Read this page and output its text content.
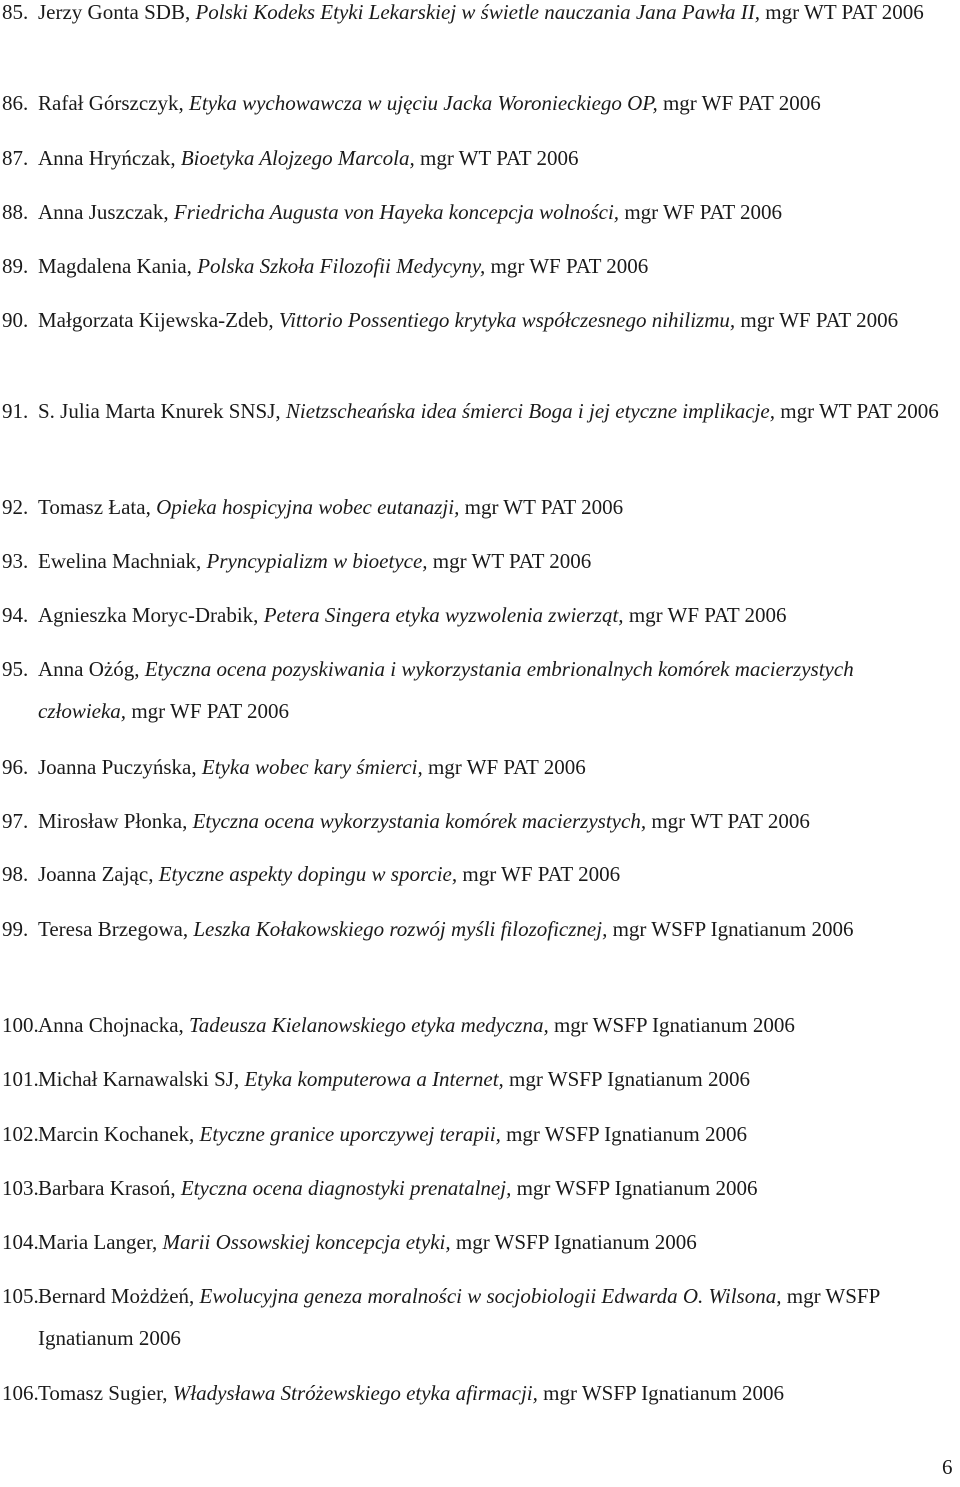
85. Jerzy Gonta SDB, Polski Kodeks Etyki Lekarskiej w świetle nauczania Jana Pawła II, mgr WT PAT 2006
86. Rafał Górszczyk, Etyka wychowawcza w ujęciu Jacka Woronieckiego OP, mgr WF PAT 2006
87. Anna Hryńczak, Bioetyka Alojzego Marcola, mgr WT PAT 2006
88. Anna Juszczak, Friedricha Augusta von Hayeka koncepcja wolności, mgr WF PAT 2006
89. Magdalena Kania, Polska Szkoła Filozofii Medycyny, mgr WF PAT 2006
90. Małgorzata Kijewska-Zdeb, Vittorio Possentiego krytyka współczesnego nihilizmu, mgr WF PAT 2006
91. S. Julia Marta Knurek SNSJ, Nietzscheańska idea śmierci Boga i jej etyczne implikacje, mgr WT PAT 2006
92. Tomasz Łata, Opieka hospicyjna wobec eutanazji, mgr WT PAT 2006
93. Ewelina Machniak, Pryncypializm w bioetyce, mgr WT PAT 2006
94. Agnieszka Moryc-Drabik, Petera Singera etyka wyzwolenia zwierząt, mgr WF PAT 2006
95. Anna Ożóg, Etyczna ocena pozyskiwania i wykorzystania embrionalnych komórek macierzystych człowieka, mgr WF PAT 2006
96. Joanna Puczyńska, Etyka wobec kary śmierci, mgr WF PAT 2006
97. Mirosław Płonka, Etyczna ocena wykorzystania komórek macierzystych, mgr WT PAT 2006
98. Joanna Zając, Etyczne aspekty dopingu w sporcie, mgr WF PAT 2006
99. Teresa Brzegowa, Leszka Kołakowskiego rozwój myśli filozoficznej, mgr WSFP Ignatianum 2006
100. Anna Chojnacka, Tadeusza Kielanowskiego etyka medyczna, mgr WSFP Ignatianum 2006
101. Michał Karnawalski SJ, Etyka komputerowa a Internet, mgr WSFP Ignatianum 2006
102. Marcin Kochanek, Etyczne granice uporczywej terapii, mgr WSFP Ignatianum 2006
103. Barbara Krasoń, Etyczna ocena diagnostyki prenatalnej, mgr WSFP Ignatianum 2006
104. Maria Langer, Marii Ossowskiej koncepcja etyki, mgr WSFP Ignatianum 2006
105. Bernard Możdżeń, Ewolucyjna geneza moralności w socjobiologii Edwarda O. Wilsona, mgr WSFP Ignatianum 2006
106. Tomasz Sugier, Władysława Stróżewskiego etyka afirmacji, mgr WSFP Ignatianum 2006
6
